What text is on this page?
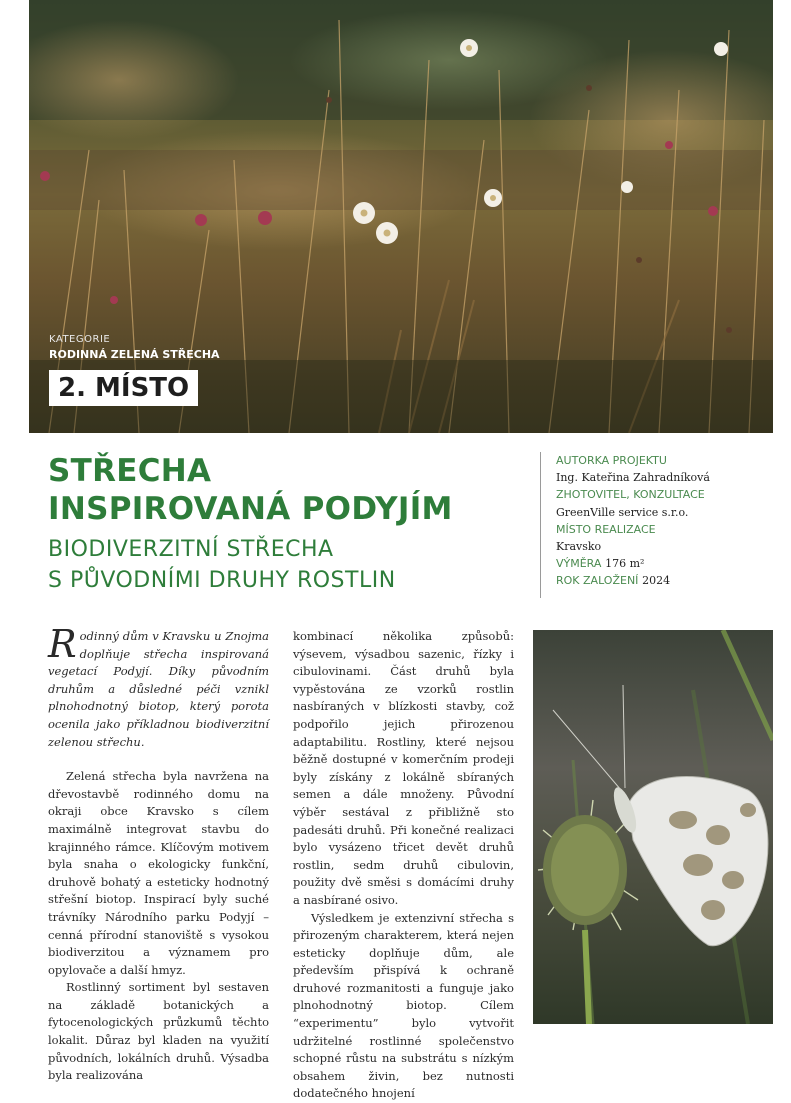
KATEGORIE
RODINNÁ ZELENÁ STŘECHA
2. MÍSTO
STŘECHA
INSPIROVANÁ PODYJÍM
BIODIVERZITNÍ STŘECHA
S PŮVODNÍMI DRUHY ROSTLIN
AUTORKA PROJEKTU
Ing. Kateřina Zahradníková
ZHOTOVITEL, KONZULTACE
GreenVille service s.r.o.
MÍSTO REALIZACE
Kravsko
VÝMĚRA 176 m²
ROK ZALOŽENÍ 2024

Rodinný dům v Kravsku u Znojma doplňuje střecha inspirovaná vegetací Podyjí. Díky původním druhům a důsledné péči vznikl plnohodnotný biotop, který porota ocenila jako příkladnou biodiverzitní zelenou střechu.

Zelená střecha byla navržena na dřevostavbě rodinného domu na okraji obce Kravsko s cílem maximálně integrovat stavbu do krajinného rámce. Klíčovým motivem byla snaha o ekologicky funkční, druhově bohatý a esteticky hodnotný střešní biotop. Inspirací byly suché trávníky Národního parku Podyjí – cenná přírodní stanoviště s vysokou biodiverzitou a významem pro opylovače a další hmyz.

Rostlinný sortiment byl sestaven na základě botanických a fytocenologických průzkumů těchto lokalit. Důraz byl kladen na využití původních, lokálních druhů. Výsadba byla realizována

kombinací několika způsobů: výsevem, výsadbou sazenic, řízky i cibulovinami. Část druhů byla vypěstována ze vzorků rostlin nasbíraných v blízkosti stavby, což podpořilo jejich přirozenou adaptabilitu. Rostliny, které nejsou běžně dostupné v komerčním prodeji byly získány z lokálně sbíraných semen a dále množeny. Původní výběr sestával z přibližně sto padesáti druhů. Při konečné realizaci bylo vysázeno třicet devět druhů rostlin, sedm druhů cibulovin, použity dvě směsi s domácími druhy a nasbírané osivo.

Výsledkem je extenzivní střecha s přirozeným charakterem, která nejen esteticky doplňuje dům, ale především přispívá k ochraně druhové rozmanitosti a funguje jako plnohodnotný biotop. Cílem “experimentu” bylo vytvořit udržitelné rostlinné společenstvo schopné růstu na substrátu s nízkým obsahem živin, bez nutnosti dodatečného hnojení
